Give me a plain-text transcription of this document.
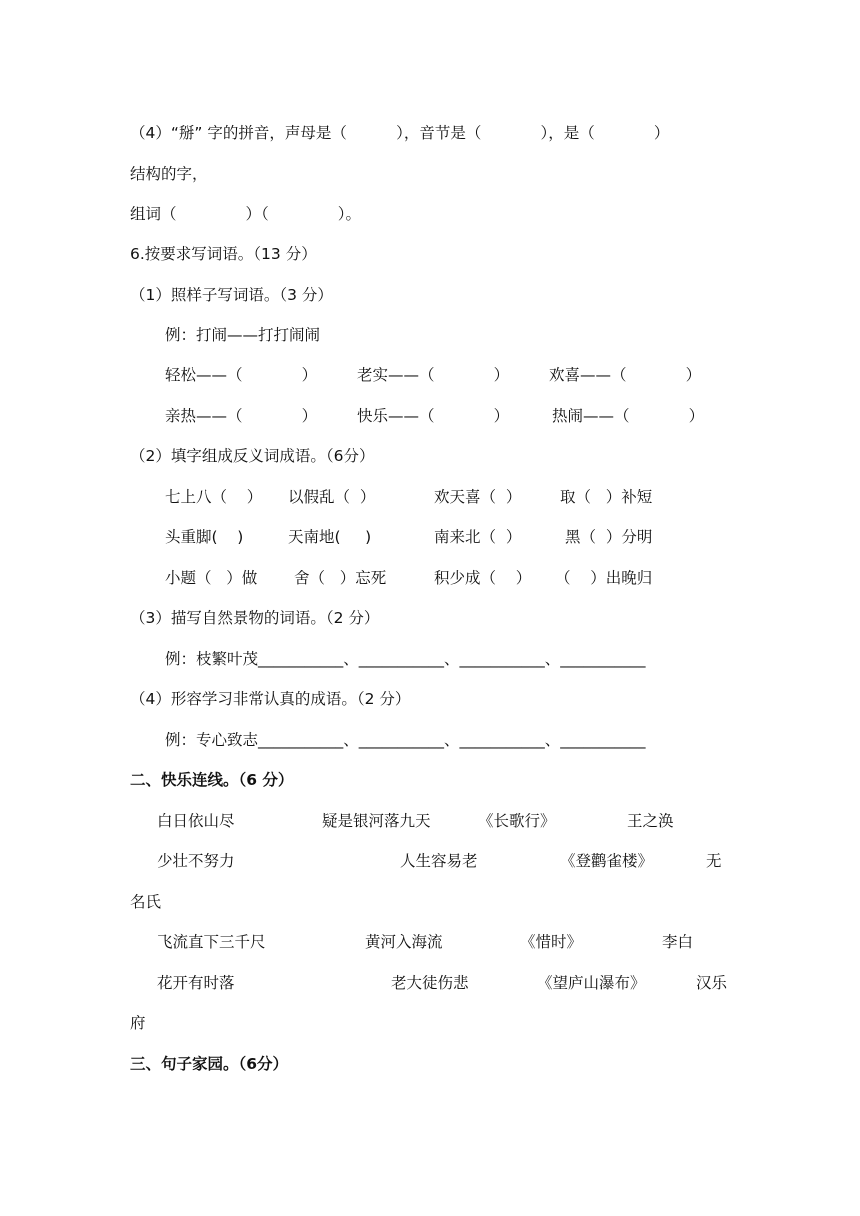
（4）“掰” 字的拼音，声母是（          ），音节是（            ），是（            ）
结构的字，
组词（              ）（              ）。
6.按要求写词语。（13 分）
（1）照样子写词语。（3 分）
例：打闹——打打闹闹
轻松——（            ）	老实——（            ）	欢喜——（            ）
亲热——（            ）	快乐——（            ）	热闹——（            ）
（2）填字组成反义词成语。（6分）
七上八（    ） 以假乱（  ）	欢天喜（  ） 取（   ）补短
头重脚(    )	天南地(     )	南来北（  ）	黑（  ）分明
小题（   ）做 舍（   ）忘死	积少成（    ） （    ）出晚归
（3）描写自然景物的词语。（2 分）
例：枝繁叶茂___________、___________、___________、___________
（4）形容学习非常认真的成语。（2 分）
例：专心致志___________、___________、___________、___________
二、快乐连线。（6 分）
白日依山尽	疑是银河落九天	《长歌行》	王之涣
少壮不努力	人生容易老	《登鹳雀楼》	无
名氏
飞流直下三千尺	黄河入海流	《惜时》	李白
花开有时落	老大徒伤悲	《望庐山瀑布》	汉乐
府
三、句子家园。（6分）
